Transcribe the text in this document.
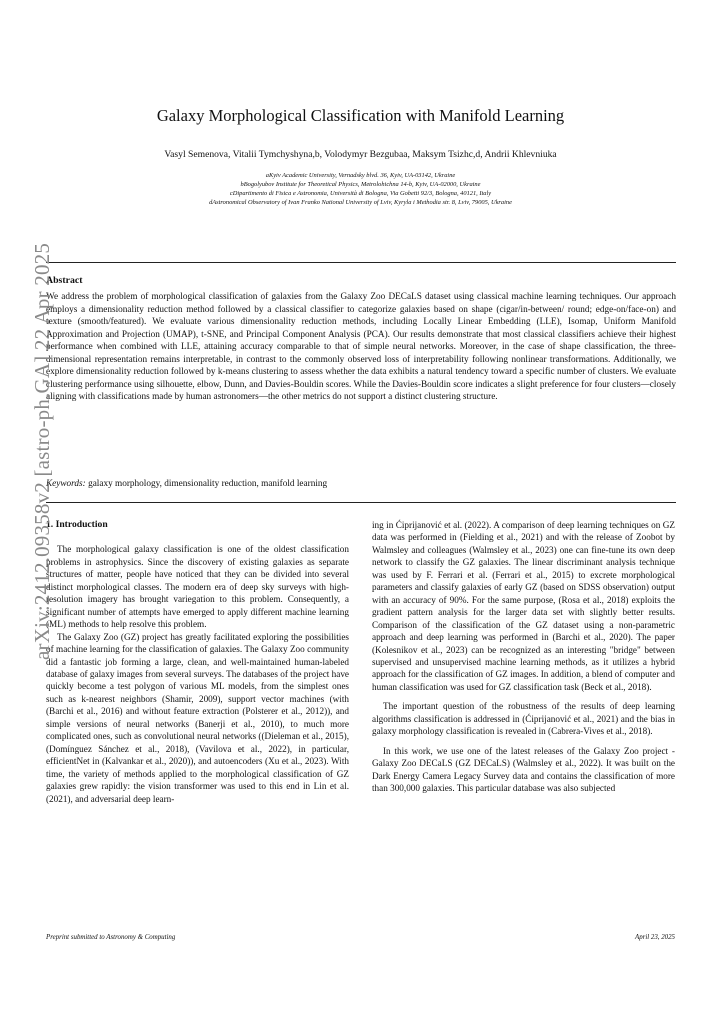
Galaxy Morphological Classification with Manifold Learning
Vasyl Semenova, Vitalii Tymchyshyna,b, Volodymyr Bezgubaa, Maksym Tsizhc,d, Andrii Khlevniuka
aKyiv Academic University, Vernadsky blvd. 36, Kyiv, UA-03142, Ukraine
bBogolyubov Institute for Theoretical Physics, Metrolohichna 14-b, Kyiv, UA-02000, Ukraine
cDipartimento di Fisica e Astronomia, Università di Bologna, Via Gobetti 92/3, Bologna, 40121, Italy
dAstronomical Observatory of Ivan Franko National University of Lviv, Kyryla i Methodia str. 8, Lviv, 79005, Ukraine
Abstract
We address the problem of morphological classification of galaxies from the Galaxy Zoo DECaLS dataset using classical machine learning techniques. Our approach employs a dimensionality reduction method followed by a classical classifier to categorize galaxies based on shape (cigar/in-between/ round; edge-on/face-on) and texture (smooth/featured). We evaluate various dimensionality reduction methods, including Locally Linear Embedding (LLE), Isomap, Uniform Manifold Approximation and Projection (UMAP), t-SNE, and Principal Component Analysis (PCA). Our results demonstrate that most classical classifiers achieve their highest performance when combined with LLE, attaining accuracy comparable to that of simple neural networks. Moreover, in the case of shape classification, the three-dimensional representation remains interpretable, in contrast to the commonly observed loss of interpretability following nonlinear transformations. Additionally, we explore dimensionality reduction followed by k-means clustering to assess whether the data exhibits a natural tendency toward a specific number of clusters. We evaluate clustering performance using silhouette, elbow, Dunn, and Davies-Bouldin scores. While the Davies-Bouldin score indicates a slight preference for four clusters—closely aligning with classifications made by human astronomers—the other metrics do not support a distinct clustering structure.
Keywords: galaxy morphology, dimensionality reduction, manifold learning

1. Introduction

The morphological galaxy classification is one of the oldest classification problems in astrophysics. Since the discovery of existing galaxies as separate structures of matter, people have noticed that they can be divided into several distinct morphological classes. The modern era of deep sky surveys with high-resolution imagery has brought variegation to this problem. Consequently, a significant number of attempts have emerged to apply different machine learning (ML) methods to help resolve this problem.

The Galaxy Zoo (GZ) project has greatly facilitated exploring the possibilities of machine learning for the classification of galaxies. The Galaxy Zoo community did a fantastic job forming a large, clean, and well-maintained human-labeled database of galaxy images from several surveys. The databases of the project have quickly become a test polygon of various ML models, from the simplest ones such as k-nearest neighbors (Shamir, 2009), support vector machines (with (Barchi et al., 2016) and without feature extraction (Polsterer et al., 2012)), and simple versions of neural networks (Banerji et al., 2010), to much more complicated ones, such as convolutional neural networks ((Dieleman et al., 2015), (Domínguez Sánchez et al., 2018), (Vavilova et al., 2022), in particular, efficientNet in (Kalvankar et al., 2020)), and autoencoders (Xu et al., 2023). With time, the variety of methods applied to the morphological classification of GZ galaxies grew rapidly: the vision transformer was used to this end in Lin et al. (2021), and adversarial deep learn-

ing in Ćiprijanović et al. (2022). A comparison of deep learning techniques on GZ data was performed in (Fielding et al., 2021) and with the release of Zoobot by Walmsley and colleagues (Walmsley et al., 2023) one can fine-tune its own deep network to classify the GZ galaxies. The linear discriminant analysis technique was used by F. Ferrari et al. (Ferrari et al., 2015) to excrete morphological parameters and classify galaxies of early GZ (based on SDSS observation) output with an accuracy of 90%. For the same purpose, (Rosa et al., 2018) exploits the gradient pattern analysis for the larger data set with slightly better results. Comparison of the classification of the GZ dataset using a non-parametric approach and deep learning was performed in (Barchi et al., 2020). The paper (Kolesnikov et al., 2023) can be recognized as an interesting "bridge" between supervised and unsupervised machine learning methods, as it utilizes a hybrid approach for the classification of GZ images. In addition, a blend of computer and human classification was used for GZ classification task (Beck et al., 2018).

The important question of the robustness of the results of deep learning algorithms classification is addressed in (Ćiprijanović et al., 2021) and the bias in galaxy morphology classification is revealed in (Cabrera-Vives et al., 2018).

In this work, we use one of the latest releases of the Galaxy Zoo project - Galaxy Zoo DECaLS (GZ DECaLS) (Walmsley et al., 2022). It was built on the Dark Energy Camera Legacy Survey data and contains the classification of more than 300,000 galaxies. This particular database was also subjected

Preprint submitted to Astronomy & Computing	April 23, 2025
arXiv:2412.09358v2 [astro-ph.GA] 22 Apr 2025
